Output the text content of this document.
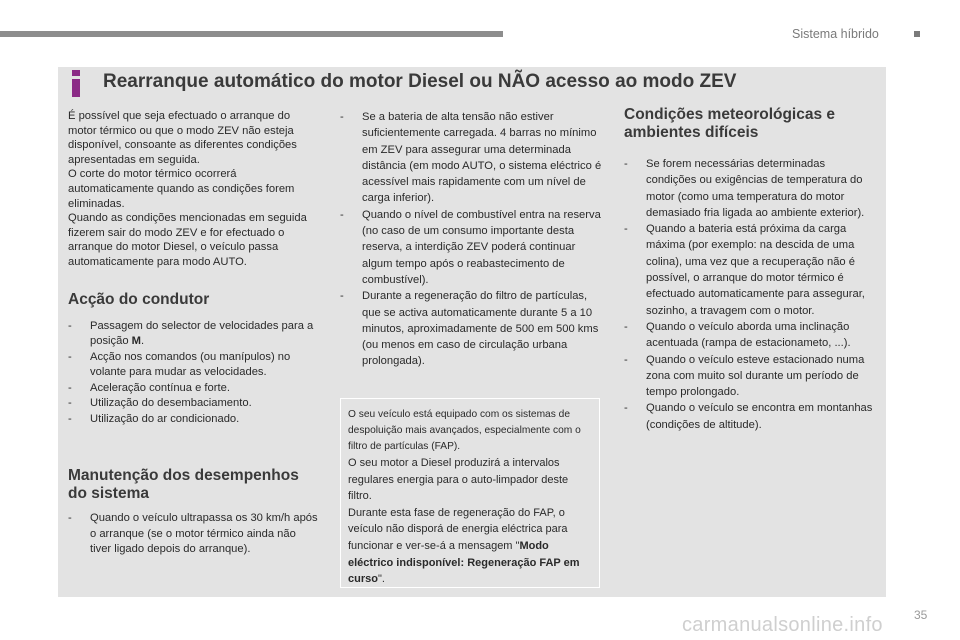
Sistema híbrido
Rearranque automático do motor Diesel ou NÃO acesso ao modo ZEV

É possível que seja efectuado o arranque do motor térmico ou que o modo ZEV não esteja disponível, consoante as diferentes condições apresentadas em seguida.

O corte do motor térmico ocorrerá automaticamente quando as condições forem eliminadas.

Quando as condições mencionadas em seguida fizerem sair do modo ZEV e for efectuado o arranque do motor Diesel, o veículo passa automaticamente para modo AUTO.

Acção do condutor
- Passagem do selector de velocidades para a posição M.
- Acção nos comandos (ou manípulos) no volante para mudar as velocidades.
- Aceleração contínua e forte.
- Utilização do desembaciamento.
- Utilização do ar condicionado.
Manutenção dos desempenhos do sistema
- Quando o veículo ultrapassa os 30 km/h após o arranque (se o motor térmico ainda não tiver ligado depois do arranque).
- Se a bateria de alta tensão não estiver suficientemente carregada. 4 barras no mínimo em ZEV para assegurar uma determinada distância (em modo AUTO, o sistema eléctrico é acessível mais rapidamente com um nível de carga inferior).
- Quando o nível de combustível entra na reserva (no caso de um consumo importante desta reserva, a interdição ZEV poderá continuar algum tempo após o reabastecimento de combustível).
- Durante a regeneração do filtro de partículas, que se activa automaticamente durante 5 a 10 minutos, aproximadamente de 500 em 500 kms (ou menos em caso de circulação urbana prolongada).

O seu veículo está equipado com os sistemas de despoluição mais avançados, especialmente com o filtro de partículas (FAP).

O seu motor a Diesel produzirá a intervalos regulares energia para o auto-limpador deste filtro.

Durante esta fase de regeneração do FAP, o veículo não disporá de energia eléctrica para funcionar e ver-se-á a mensagem "Modo eléctrico indisponível: Regeneração FAP em curso".

Condições meteorológicas e ambientes difíceis
- Se forem necessárias determinadas condições ou exigências de temperatura do motor (como uma temperatura do motor demasiado fria ligada ao ambiente exterior).
- Quando a bateria está próxima da carga máxima (por exemplo: na descida de uma colina), uma vez que a recuperação não é possível, o arranque do motor térmico é efectuado automaticamente para assegurar, sozinho, a travagem com o motor.
- Quando o veículo aborda uma inclinação acentuada (rampa de estacionameto, ...).
- Quando o veículo esteve estacionado numa zona com muito sol durante um período de tempo prolongado.
- Quando o veículo se encontra em montanhas (condições de altitude).
35
carmanualsonline.info
